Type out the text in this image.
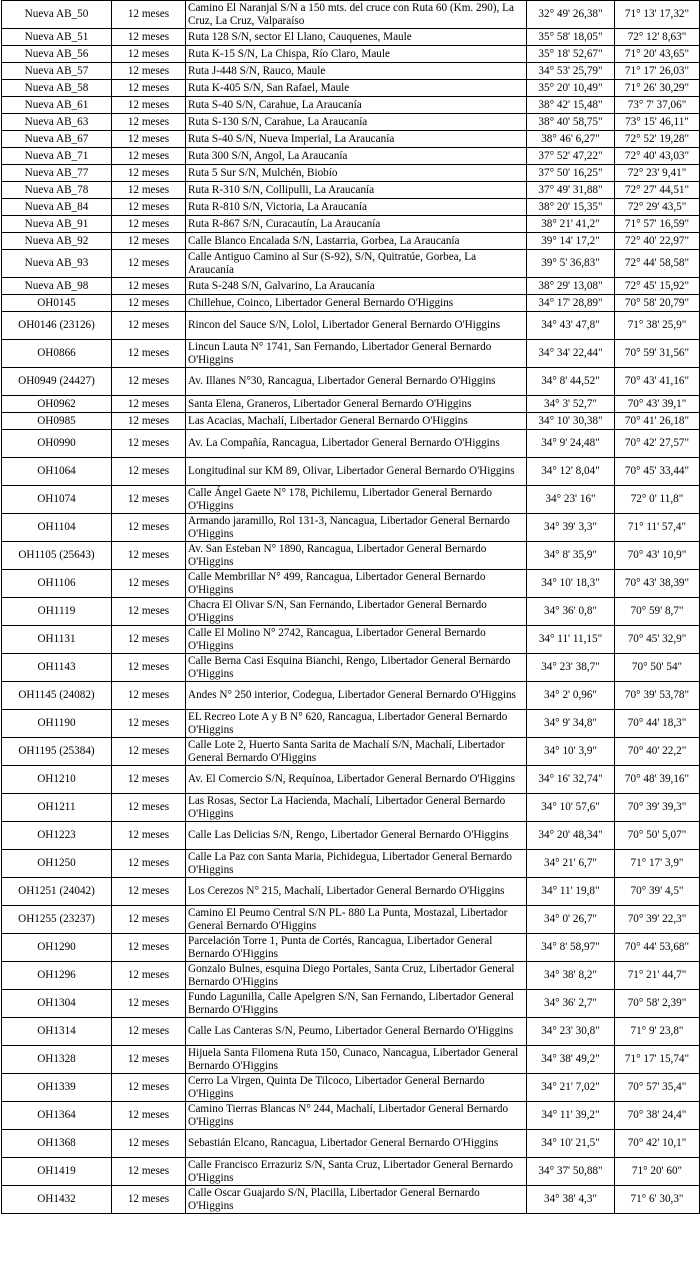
Nueva AB_50	12 meses	Camino El Naranjal S/N a 150 mts. del cruce con Ruta 60 (Km. 290), La Cruz, La Cruz, Valparaíso	32° 49' 26,38"	71° 13' 17,32"
Nueva AB_51	12 meses	Ruta 128 S/N, sector El Llano, Cauquenes, Maule	35° 58' 18,05"	72° 12' 8,63"
Nueva AB_56	12 meses	Ruta K-15 S/N, La Chispa, Río Claro, Maule	35° 18' 52,67"	71° 20' 43,65"
Nueva AB_57	12 meses	Ruta J-448 S/N, Rauco, Maule	34° 53' 25,79"	71° 17' 26,03"
Nueva AB_58	12 meses	Ruta K-405 S/N, San Rafael, Maule	35° 20' 10,49"	71° 26' 30,29"
Nueva AB_61	12 meses	Ruta S-40 S/N, Carahue, La Araucanía	38° 42' 15,48"	73° 7' 37,06"
Nueva AB_63	12 meses	Ruta S-130 S/N, Carahue, La Araucanía	38° 40' 58,75"	73° 15' 46,11"
Nueva AB_67	12 meses	Ruta S-40 S/N, Nueva Imperial, La Araucanía	38° 46' 6,27"	72° 52' 19,28"
Nueva AB_71	12 meses	Ruta 300 S/N, Angol, La Araucanía	37° 52' 47,22"	72° 40' 43,03"
Nueva AB_77	12 meses	Ruta 5 Sur S/N, Mulchén, Biobío	37° 50' 16,25"	72° 23' 9,41"
Nueva AB_78	12 meses	Ruta R-310 S/N, Collipulli, La Araucanía	37° 49' 31,88"	72° 27' 44,51"
Nueva AB_84	12 meses	Ruta R-810 S/N, Victoria, La Araucanía	38° 20' 15,35"	72° 29' 43,5"
Nueva AB_91	12 meses	Ruta R-867 S/N, Curacautín, La Araucanía	38° 21' 41,2"	71° 57' 16,59"
Nueva AB_92	12 meses	Calle Blanco Encalada S/N, Lastarria, Gorbea, La Araucanía	39° 14' 17,2"	72° 40' 22,97"
Nueva AB_93	12 meses	Calle Antiguo Camino al Sur (S-92), S/N, Quitratúe, Gorbea, La Araucanía	39° 5' 36,83"	72° 44' 58,58"
Nueva AB_98	12 meses	Ruta S-248 S/N, Galvarino, La Araucanía	38° 29' 13,08"	72° 45' 15,92"
OH0145	12 meses	Chillehue, Coinco, Libertador General Bernardo O'Higgins	34° 17' 28,89"	70° 58' 20,79"
OH0146 (23126)	12 meses	Rincon del Sauce S/N, Lolol, Libertador General Bernardo O'Higgins	34° 43' 47,8"	71° 38' 25,9"
OH0866	12 meses	Lincun Lauta N° 1741, San Fernando, Libertador General Bernardo O'Higgins	34° 34' 22,44"	70° 59' 31,56"
OH0949 (24427)	12 meses	Av. Illanes N°30, Rancagua, Libertador General Bernardo O'Higgins	34° 8' 44,52"	70° 43' 41,16"
OH0962	12 meses	Santa Elena, Graneros, Libertador General Bernardo O'Higgins	34° 3' 52,7"	70° 43' 39,1"
OH0985	12 meses	Las Acacias, Machalí, Libertador General Bernardo O'Higgins	34° 10' 30,38"	70° 41' 26,18"
OH0990	12 meses	Av. La Compañía, Rancagua, Libertador General Bernardo O'Higgins	34° 9' 24,48"	70° 42' 27,57"
OH1064	12 meses	Longitudinal sur KM 89, Olivar, Libertador General Bernardo O'Higgins	34° 12' 8,04"	70° 45' 33,44"
OH1074	12 meses	Calle Ángel Gaete N° 178, Pichilemu, Libertador General Bernardo O'Higgins	34° 23' 16"	72° 0' 11,8"
OH1104	12 meses	Armando jaramillo, Rol 131-3, Nancagua, Libertador General Bernardo O'Higgins	34° 39' 3,3"	71° 11' 57,4"
OH1105 (25643)	12 meses	Av. San Esteban N° 1890, Rancagua, Libertador General Bernardo O'Higgins	34° 8' 35,9"	70° 43' 10,9"
OH1106	12 meses	Calle Membrillar N° 499, Rancagua, Libertador General Bernardo O'Higgins	34° 10' 18,3"	70° 43' 38,39"
OH1119	12 meses	Chacra El Olivar S/N, San Fernando, Libertador General Bernardo O'Higgins	34° 36' 0,8"	70° 59' 8,7"
OH1131	12 meses	Calle El Molino N° 2742, Rancagua, Libertador General Bernardo O'Higgins	34° 11' 11,15"	70° 45' 32,9"
OH1143	12 meses	Calle Berna Casi Esquina Bianchi, Rengo, Libertador General Bernardo O'Higgins	34° 23' 38,7"	70° 50' 54"
OH1145 (24082)	12 meses	Andes N° 250 interior, Codegua, Libertador General Bernardo O'Higgins	34° 2' 0,96"	70° 39' 53,78"
OH1190	12 meses	EL Recreo Lote A y B N° 620, Rancagua, Libertador General Bernardo O'Higgins	34° 9' 34,8"	70° 44' 18,3"
OH1195 (25384)	12 meses	Calle Lote 2, Huerto Santa Sarita de Machalí S/N, Machalí, Libertador General Bernardo O'Higgins	34° 10' 3,9"	70° 40' 22,2"
OH1210	12 meses	Av. El Comercio S/N, Requínoa, Libertador General Bernardo O'Higgins	34° 16' 32,74"	70° 48' 39,16"
OH1211	12 meses	Las Rosas, Sector La Hacienda, Machalí, Libertador General Bernardo O'Higgins	34° 10' 57,6"	70° 39' 39,3"
OH1223	12 meses	Calle Las Delicias S/N, Rengo, Libertador General Bernardo O'Higgins	34° 20' 48,34"	70° 50' 5,07"
OH1250	12 meses	Calle La Paz con Santa Maria, Pichidegua, Libertador General Bernardo O'Higgins	34° 21' 6,7"	71° 17' 3,9"
OH1251 (24042)	12 meses	Los Cerezos N° 215, Machalí, Libertador General Bernardo O'Higgins	34° 11' 19,8"	70° 39' 4,5"
OH1255 (23237)	12 meses	Camino El Peumo Central S/N PL- 880 La Punta, Mostazal, Libertador General Bernardo O'Higgins	34° 0' 26,7"	70° 39' 22,3"
OH1290	12 meses	Parcelación Torre 1, Punta de Cortés, Rancagua, Libertador General Bernardo O'Higgins	34° 8' 58,97"	70° 44' 53,68"
OH1296	12 meses	Gonzalo Bulnes, esquina Diego Portales, Santa Cruz, Libertador General Bernardo O'Higgins	34° 38' 8,2"	71° 21' 44,7"
OH1304	12 meses	Fundo Lagunilla, Calle Apelgren S/N, San Fernando, Libertador General Bernardo O'Higgins	34° 36' 2,7"	70° 58' 2,39"
OH1314	12 meses	Calle Las Canteras S/N, Peumo, Libertador General Bernardo O'Higgins	34° 23' 30,8"	71° 9' 23,8"
OH1328	12 meses	Hijuela Santa Filomena Ruta 150, Cunaco, Nancagua, Libertador General Bernardo O'Higgins	34° 38' 49,2"	71° 17' 15,74"
OH1339	12 meses	Cerro La Virgen, Quinta De Tilcoco, Libertador General Bernardo O'Higgins	34° 21' 7,02"	70° 57' 35,4"
OH1364	12 meses	Camino Tierras Blancas N° 244, Machalí, Libertador General Bernardo O'Higgins	34° 11' 39,2"	70° 38' 24,4"
OH1368	12 meses	Sebastián Elcano, Rancagua, Libertador General Bernardo O'Higgins	34° 10' 21,5"	70° 42' 10,1"
OH1419	12 meses	Calle Francisco Errazuriz S/N, Santa Cruz, Libertador General Bernardo O'Higgins	34° 37' 50,88"	71° 20' 60"
OH1432	12 meses	Calle Oscar Guajardo S/N, Placilla, Libertador General Bernardo O'Higgins	34° 38' 4,3"	71° 6' 30,3"
